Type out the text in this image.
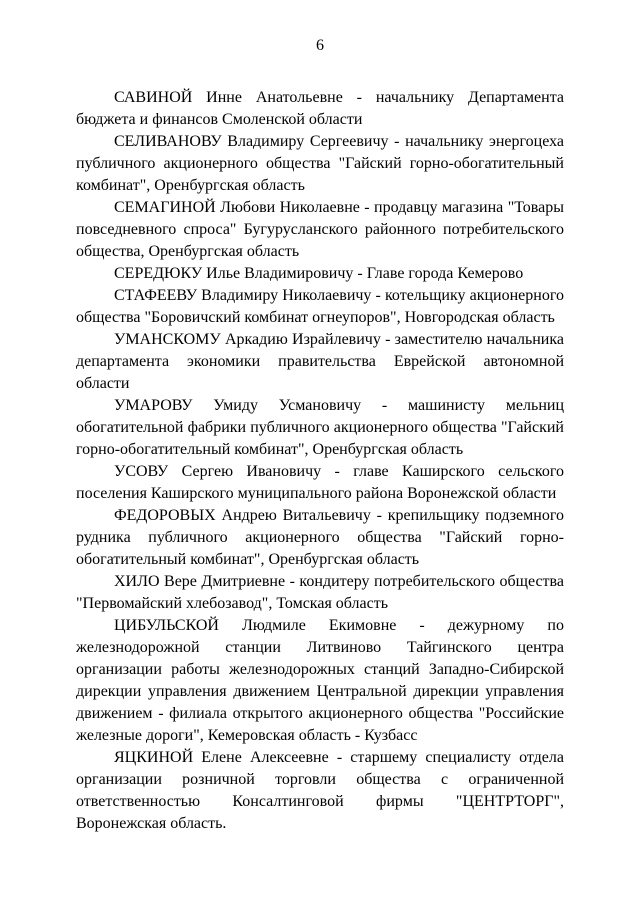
6

САВИНОЙ Инне Анатольевне - начальнику Департамента бюджета и финансов Смоленской области

СЕЛИВАНОВУ Владимиру Сергеевичу - начальнику энергоцеха публичного акционерного общества "Гайский горно-обогатительный комбинат", Оренбургская область

СЕМАГИНОЙ Любови Николаевне - продавцу магазина "Товары повседневного спроса" Бугурусланского районного потребительского общества, Оренбургская область

СЕРЕДЮКУ Илье Владимировичу - Главе города Кемерово

СТАФЕЕВУ Владимиру Николаевичу - котельщику акционерного общества "Боровичский комбинат огнеупоров", Новгородская область

УМАНСКОМУ Аркадию Израйлевичу - заместителю начальника департамента экономики правительства Еврейской автономной области

УМАРОВУ Умиду Усмановичу - машинисту мельниц обогатительной фабрики публичного акционерного общества "Гайский горно-обогатительный комбинат", Оренбургская область

УСОВУ Сергею Ивановичу - главе Каширского сельского поселения Каширского муниципального района Воронежской области

ФЕДОРОВЫХ Андрею Витальевичу - крепильщику подземного рудника публичного акционерного общества "Гайский горно-обогатительный комбинат", Оренбургская область

ХИЛО Вере Дмитриевне - кондитеру потребительского общества "Первомайский хлебозавод", Томская область

ЦИБУЛЬСКОЙ Людмиле Екимовне - дежурному по железнодорожной станции Литвиново Тайгинского центра организации работы железнодорожных станций Западно-Сибирской дирекции управления движением Центральной дирекции управления движением - филиала открытого акционерного общества "Российские железные дороги", Кемеровская область - Кузбасс

ЯЦКИНОЙ Елене Алексеевне - старшему специалисту отдела организации розничной торговли общества с ограниченной ответственностью Консалтинговой фирмы "ЦЕНТРТОРГ", Воронежская область.
